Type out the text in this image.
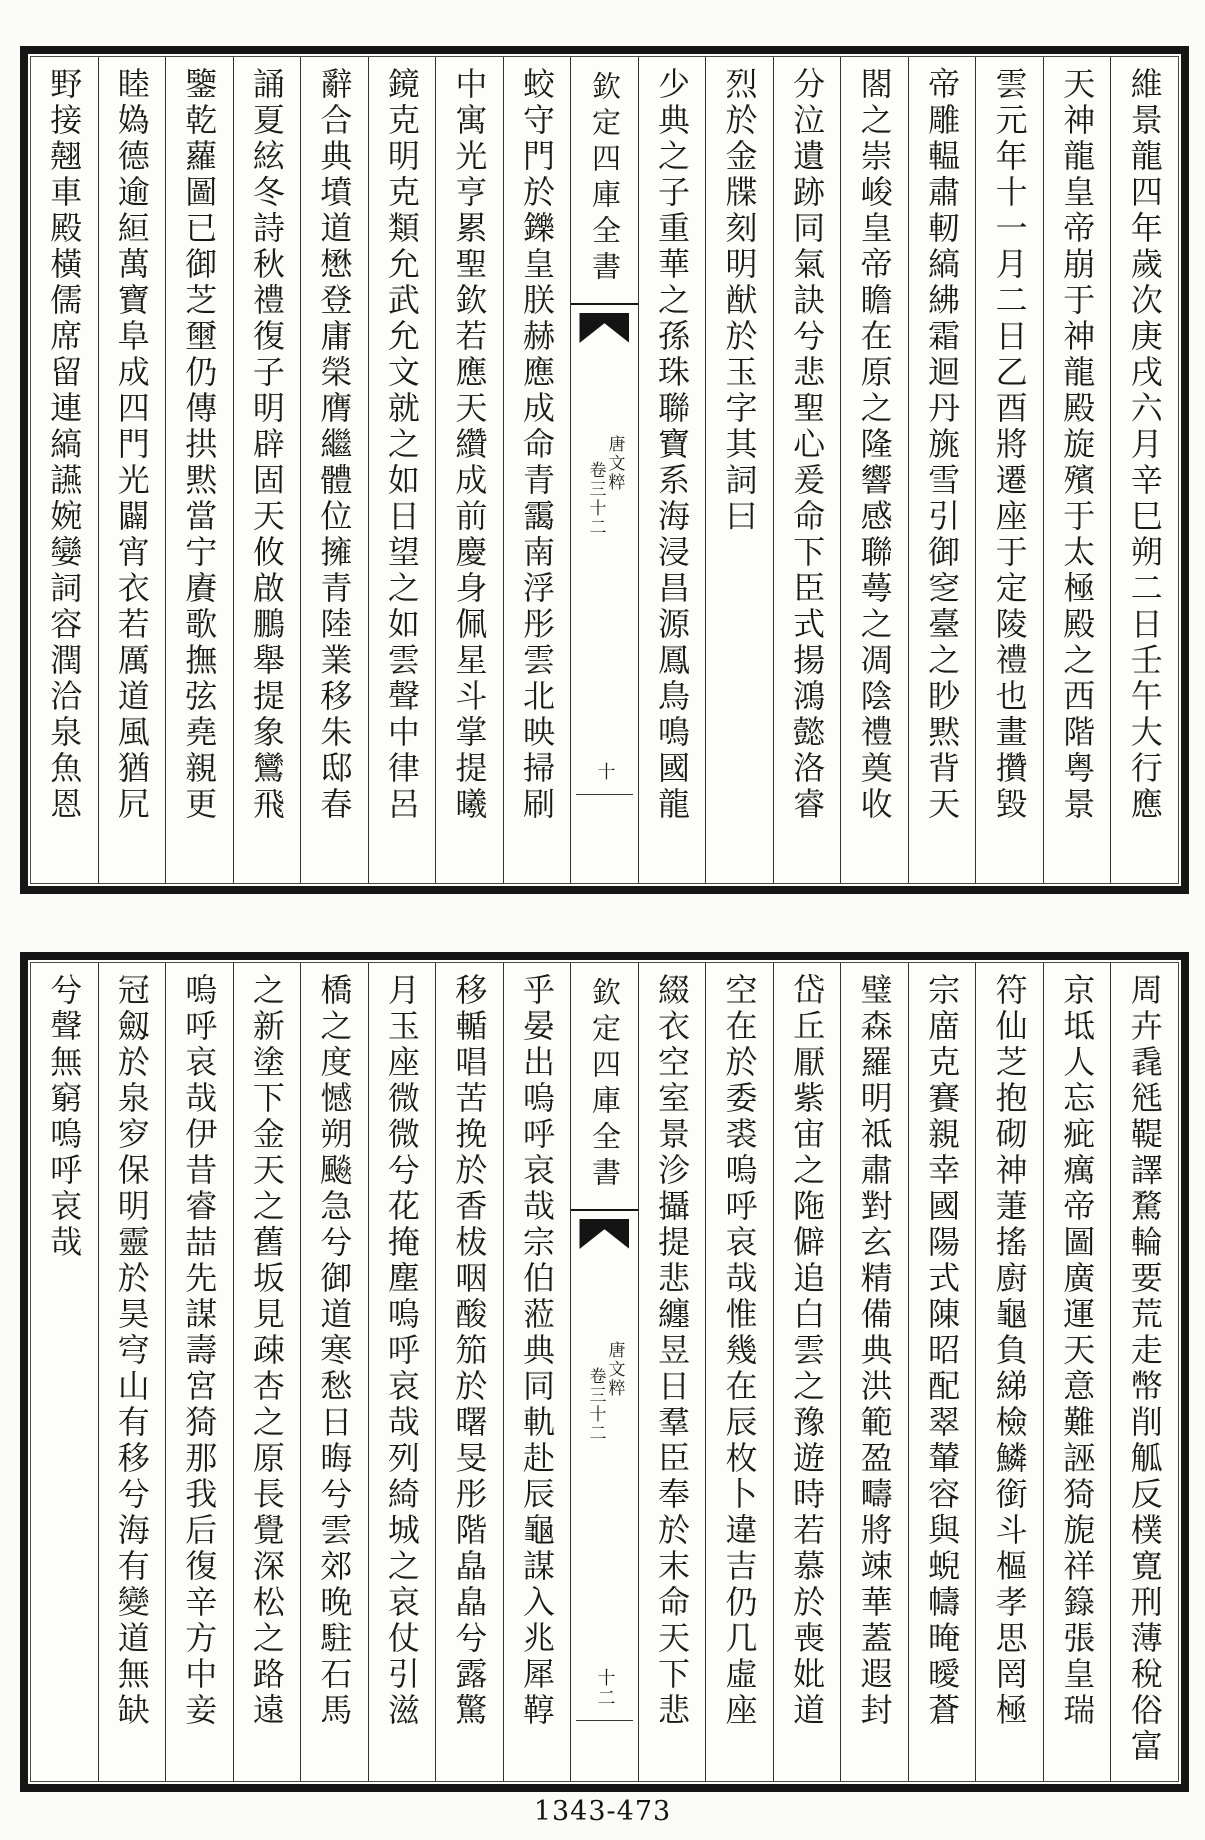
維景龍四年歲次庚戌六月辛巳朔二日壬午大行應
天神龍皇帝崩于神龍殿旋殯于太極殿之西階粤景
雲元年十一月二日乙酉將遷座于定陵禮也畫攢毀
帝雕輼肅軔縞紼霜迴丹旐雪引御窆臺之眇黙背天
閤之崇峻皇帝瞻在原之隆響感聯蕚之凋陰禮奠收
分泣遺跡同氣訣兮悲聖心爰命下臣式揚鴻懿洛睿
烈於金牒刻明猷於玉字其詞曰
少典之子重華之孫珠聯寶系海浸昌源鳳鳥鳴國龍
欽定四庫全書
唐文粹
卷三十二
十
蛟守門於鑠皇朕赫應成命青靄南浮彤雲北映掃刷
中寓光亨累聖欽若應天纘成前慶身佩星斗掌提曦
鏡克明克類允武允文就之如日望之如雲聲中律呂
辭合典墳道懋登庸榮膺繼體位擁青陸業移朱邸春
誦夏絃冬詩秋禮復子明辟固天攸啟鵬舉提象鸞飛
鑒乾蘿圖已御芝壐仍傳拱黙當宁賡歌撫弦堯親更
睦媯德逾絙萬寶阜成四門光闢宵衣若厲道風猶凥
野接翹車殿橫儒席留連縞讌婉孌詞容潤洽泉魚恩
周卉毳毤鞮譯騖輪要荒走幣削觚反樸寛刑薄稅俗富
京坻人忘疵癘帝圖廣運天意難誣猗旎祥籙張皇瑞
符仙芝抱砌神萐搖廚龜負綈檢鱗銜斗樞孝思罔極
宗庿克賽親幸國陽式陳昭配翠輦容與蜺幬晻曖蒼
璧森羅明祗肅對玄精備典洪範盈疇將竦華蓋遐封
岱丘厭紫宙之陁僻追白雲之豫遊時若慕於喪妣道
空在於委裘嗚呼哀哉惟幾在辰枚卜違吉仍几虛座
綴衣空室景沴攝提悲纏昱日羣臣奉於末命天下悲
欽定四庫全書
唐文粹
卷三十二
十二
乎晏出嗚呼哀哉宗伯蒞典同軌赴辰龜謀入兆犀鞟
移輴唱苦挽於香柭咽酸笳於曙旻彤階皛皛兮露驚
月玉座微微兮花掩塵嗚呼哀哉列綺城之哀仗引滋
橋之度憾朔飈急兮御道寒愁日晦兮雲郊晚駐石馬
之新塗下金天之舊坂見疎杏之原長覺深松之路遠
嗚呼哀哉伊昔睿喆先謀壽宮猗那我后復辛方中妾
冠劔於泉穸保明靈於昊穹山有移兮海有變道無缺
兮聲無窮嗚呼哀哉
1343-473
